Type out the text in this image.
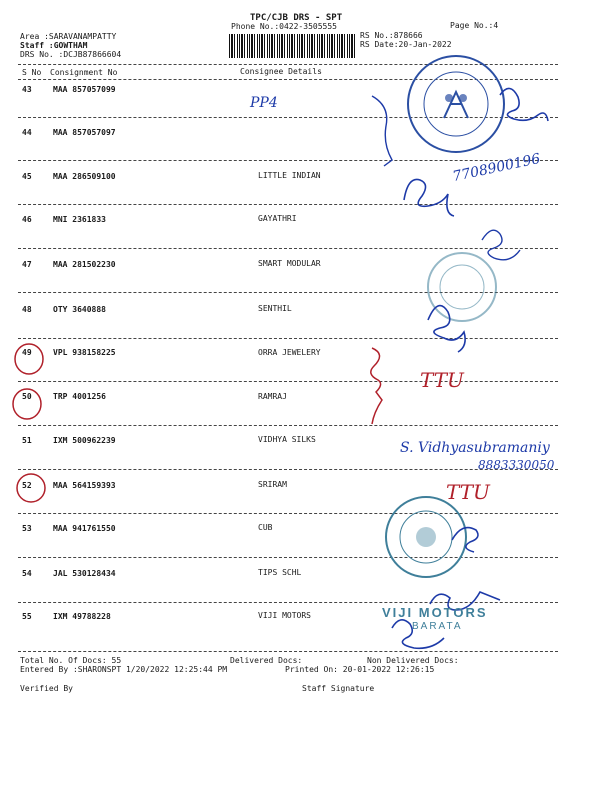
TPC/CJB DRS - SPT
Phone No.:0422-3505555	Page No.:4
Area :SARAVANAMPATTY
Staff :GOWTHAM
DRS No. :DCJB87866604
RS No.:878666
RS Date:20-Jan-2022
S No Consignment No	Consignee Details
43	MAA 857057099
44	MAA 857057097
45	MAA 286509100	LITTLE INDIAN
46	MNI 2361833	GAYATHRI
47	MAA 281502230	SMART MODULAR
48	OTY 3640888	SENTHIL
49	VPL 938158225	ORRA JEWELERY
50	TRP 4001256	RAMRAJ
51	IXM 500962239	VIDHYA SILKS
52	MAA 564159393	SRIRAM
53	MAA 941761550	CUB
54	JAL 530128434	TIPS SCHL
55	IXM 49788228	VIJI MOTORS
Total No. Of Docs: 55	Delivered Docs:	Non Delivered Docs:
Entered By :SHARONSPT 1/20/2022 12:25:44 PM	Printed On: 20-01-2022 12:26:15
Verified By	Staff Signature
PP4
7708900196
S. Vidhyasubramaniy
8883330050
TTU
TTU
VIJI MOTORS
BARATA
